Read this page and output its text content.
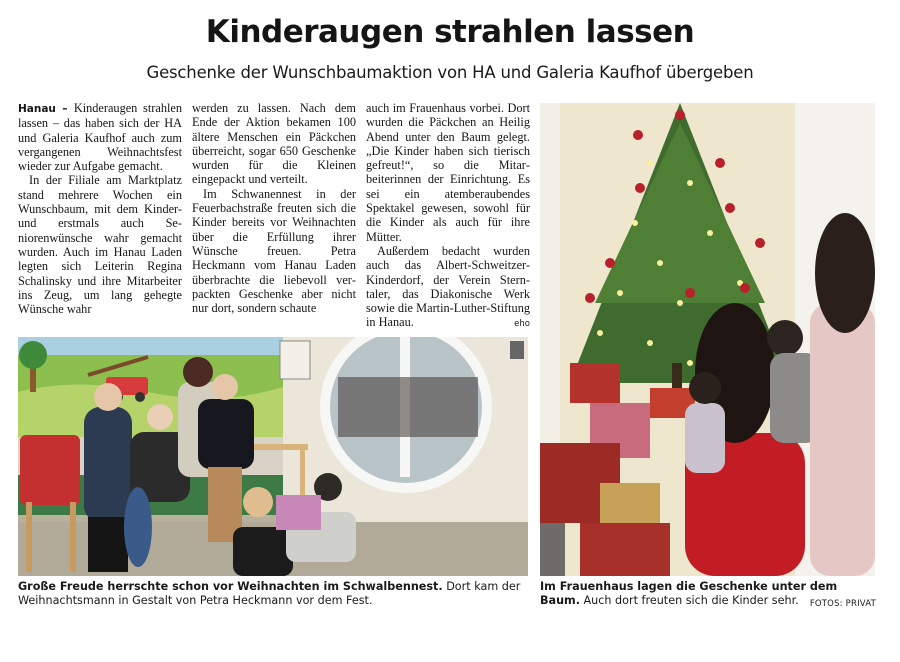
Kinderaugen strahlen lassen
Geschenke der Wunschbaumaktion von HA und Galeria Kaufhof übergeben

Hanau – Kinderaugen strahlen lassen – das haben sich der HA und Galeria Kaufhof auch zum vergangenen Weihnachtsfest wieder zur Aufgabe gemacht.

In der Filiale am Marktplatz stand mehrere Wochen ein Wunschbaum, mit dem Kinder- und erstmals auch Seniorenwünsche wahr gemacht wurden. Auch im Hanau Laden legten sich Leiterin Regina Schalinsky und ihre Mitarbeiter ins Zeug, um lang gehegte Wünsche wahr

werden zu lassen. Nach dem Ende der Aktion bekamen 100 ältere Menschen ein Päckchen überreicht, sogar 650 Geschenke wurden für die Kleinen eingepackt und verteilt.

Im Schwanennest in der Feuerbachstraße freuten sich die Kinder bereits vor Weihnachten über die Erfüllung ihrer Wünsche freuen. Petra Heckmann vom Hanau Laden überbrachte die liebevoll verpackten Geschenke aber nicht nur dort, sondern schaute

auch im Frauenhaus vorbei. Dort wurden die Päckchen an Heilig Abend unter den Baum gelegt. „Die Kinder haben sich tierisch gefreut!“, so die Mitarbeiterinnen der Einrichtung. Es sei ein atemberaubendes Spektakel gewesen, sowohl für die Kinder als auch für ihre Mütter.

Außerdem bedacht wurden auch das Albert-Schweitzer-Kinderdorf, der Verein Sterntaler, das Diakonische Werk sowie die Martin-Luther-Stiftung in Hanau.	eho

Große Freude herrschte schon vor Weihnachten im Schwalbennest. Dort kam der Weihnachtsmann in Gestalt von Petra Heckmann vor dem Fest.
Im Frauenhaus lagen die Geschenke unter dem Baum. Auch dort freuten sich die Kinder sehr. FOTOS: PRIVAT
